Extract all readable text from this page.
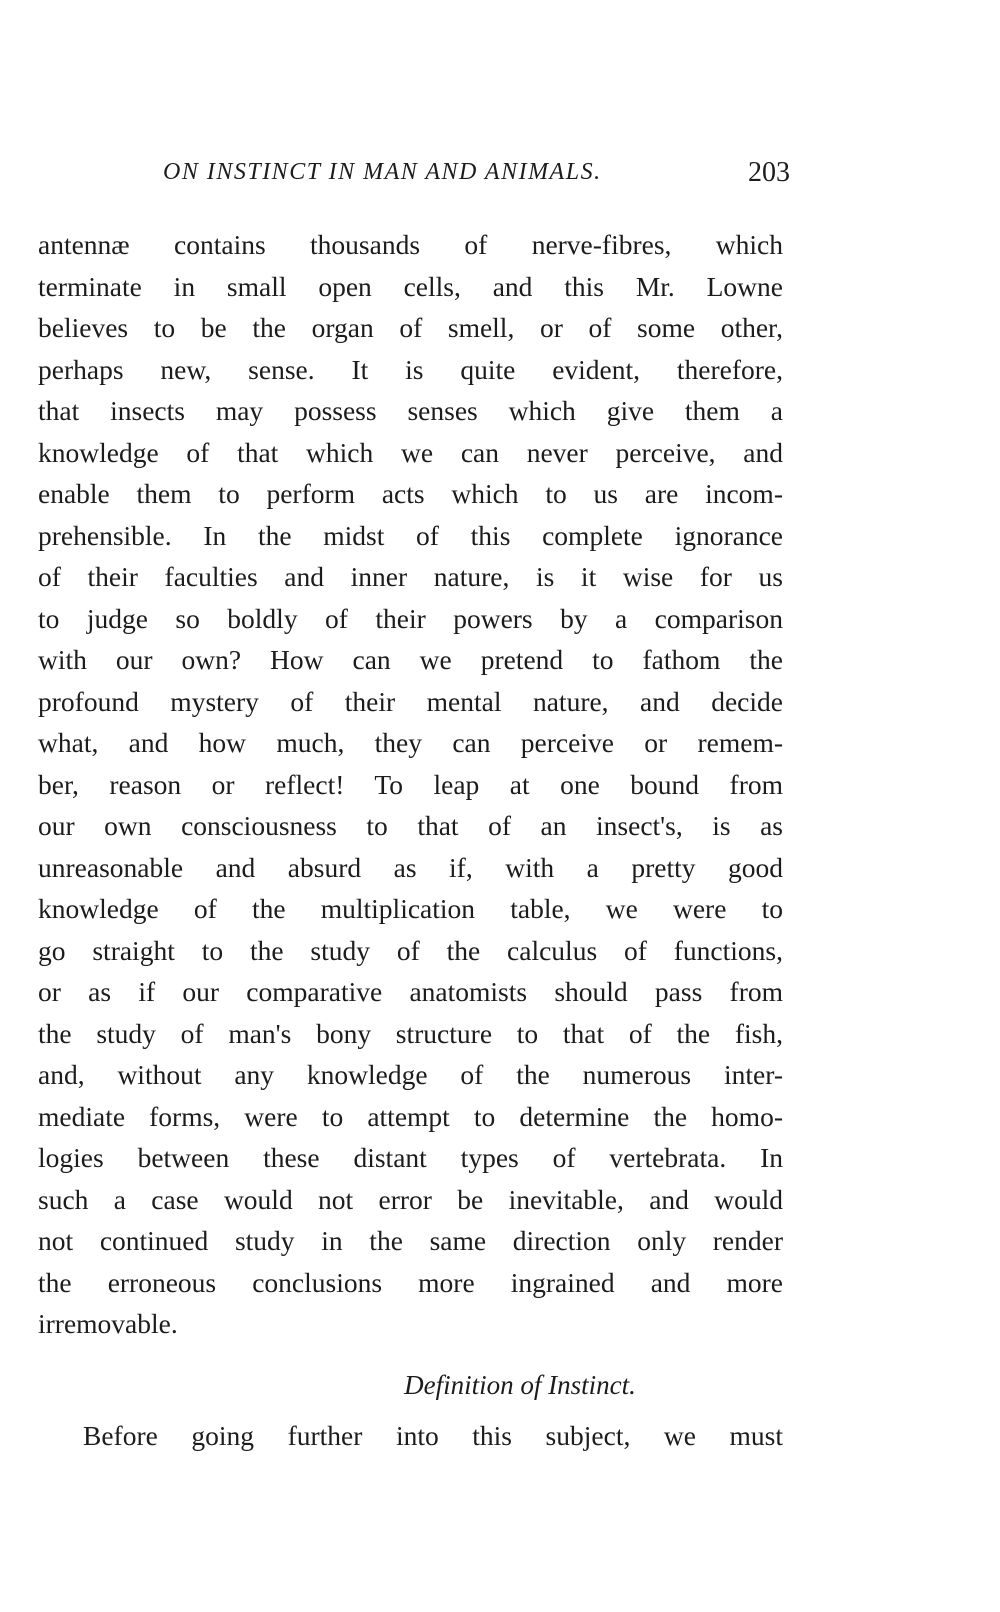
ON INSTINCT IN MAN AND ANIMALS.	203
antennæ contains thousands of nerve-fibres, which
terminate in small open cells, and this Mr. Lowne
believes to be the organ of smell, or of some other,
perhaps new, sense. It is quite evident, therefore,
that insects may possess senses which give them a
knowledge of that which we can never perceive, and
enable them to perform acts which to us are incom-
prehensible. In the midst of this complete ignorance
of their faculties and inner nature, is it wise for us
to judge so boldly of their powers by a comparison
with our own? How can we pretend to fathom the
profound mystery of their mental nature, and decide
what, and how much, they can perceive or remem-
ber, reason or reflect! To leap at one bound from
our own consciousness to that of an insect's, is as
unreasonable and absurd as if, with a pretty good
knowledge of the multiplication table, we were to
go straight to the study of the calculus of functions,
or as if our comparative anatomists should pass from
the study of man's bony structure to that of the fish,
and, without any knowledge of the numerous inter-
mediate forms, were to attempt to determine the homo-
logies between these distant types of vertebrata. In
such a case would not error be inevitable, and would
not continued study in the same direction only render
the erroneous conclusions more ingrained and more
irremovable.
Definition of Instinct.
Before going further into this subject, we must
